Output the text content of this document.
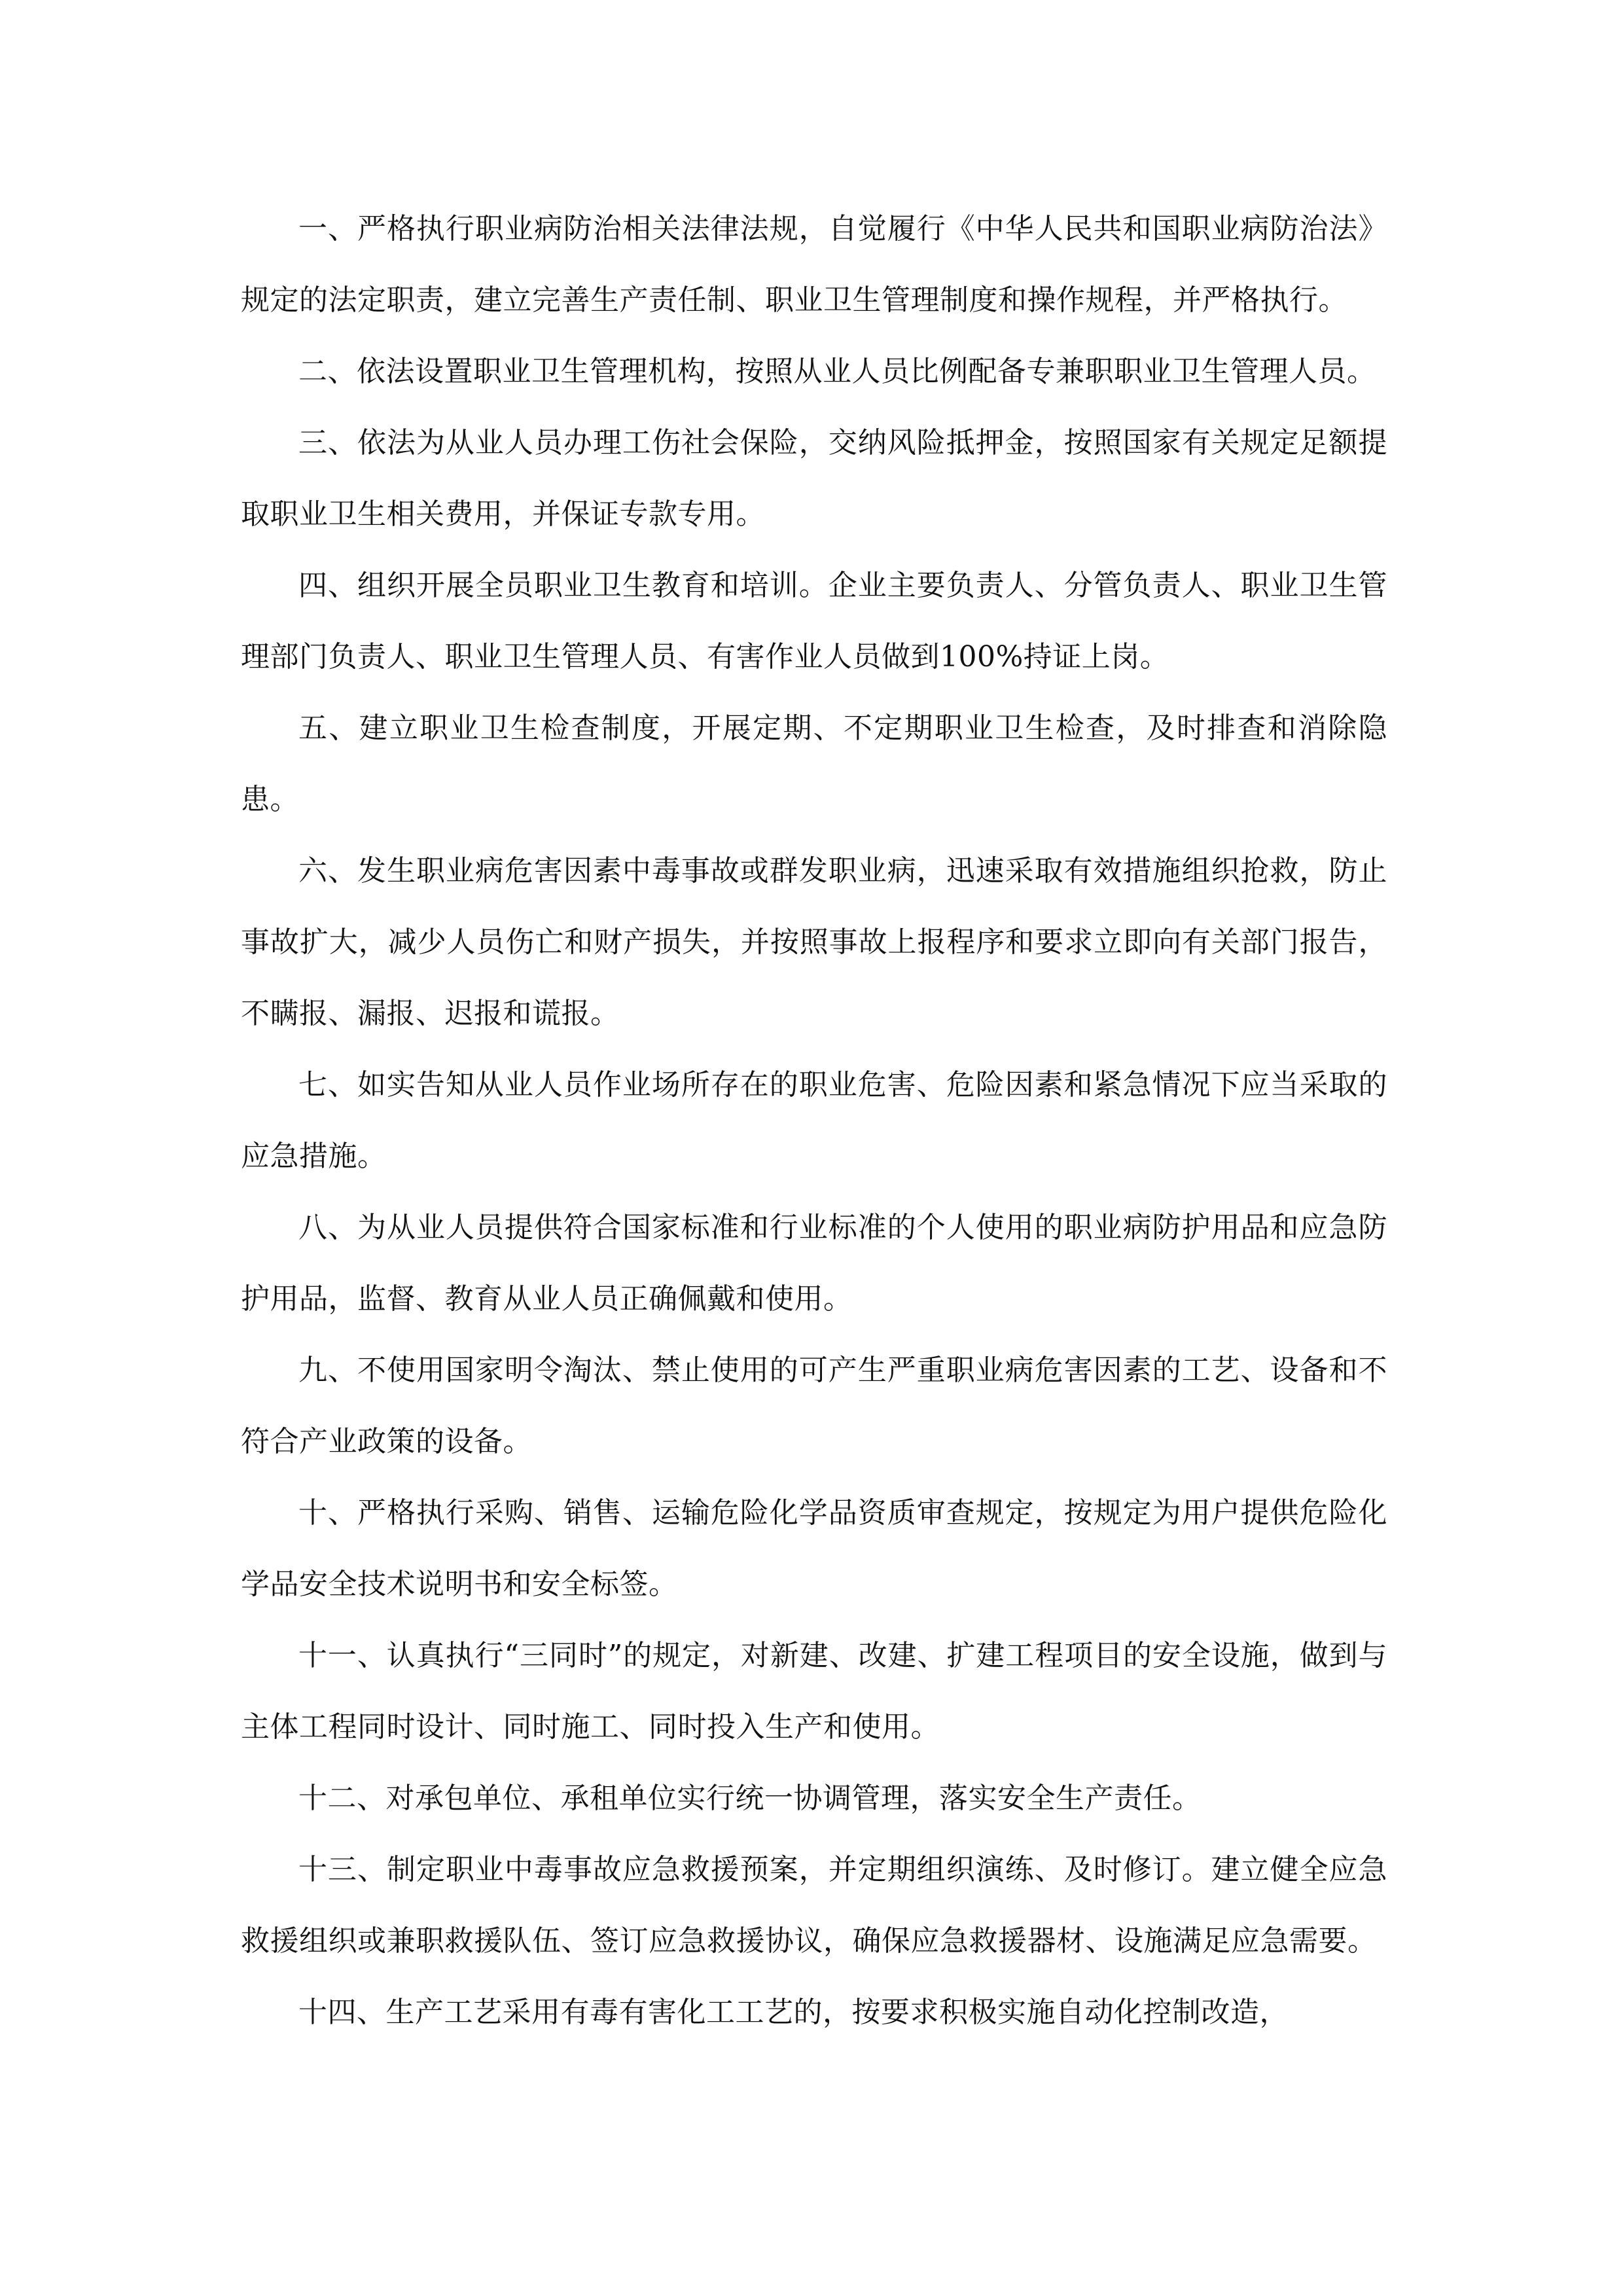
一、严格执行职业病防治相关法律法规，自觉履行《中华人民共和国职业病防治法》规定的法定职责，建立完善生产责任制、职业卫生管理制度和操作规程，并严格执行。

二、依法设置职业卫生管理机构，按照从业人员比例配备专兼职职业卫生管理人员。

三、依法为从业人员办理工伤社会保险，交纳风险抵押金，按照国家有关规定足额提取职业卫生相关费用，并保证专款专用。

四、组织开展全员职业卫生教育和培训。企业主要负责人、分管负责人、职业卫生管理部门负责人、职业卫生管理人员、有害作业人员做到100%持证上岗。

五、建立职业卫生检查制度，开展定期、不定期职业卫生检查，及时排查和消除隐患。

六、发生职业病危害因素中毒事故或群发职业病，迅速采取有效措施组织抢救，防止事故扩大，减少人员伤亡和财产损失，并按照事故上报程序和要求立即向有关部门报告，不瞒报、漏报、迟报和谎报。

七、如实告知从业人员作业场所存在的职业危害、危险因素和紧急情况下应当采取的应急措施。

八、为从业人员提供符合国家标准和行业标准的个人使用的职业病防护用品和应急防护用品，监督、教育从业人员正确佩戴和使用。

九、不使用国家明令淘汰、禁止使用的可产生严重职业病危害因素的工艺、设备和不符合产业政策的设备。

十、严格执行采购、销售、运输危险化学品资质审查规定，按规定为用户提供危险化学品安全技术说明书和安全标签。

十一、认真执行“三同时”的规定，对新建、改建、扩建工程项目的安全设施，做到与主体工程同时设计、同时施工、同时投入生产和使用。

十二、对承包单位、承租单位实行统一协调管理，落实安全生产责任。

十三、制定职业中毒事故应急救援预案，并定期组织演练、及时修订。建立健全应急救援组织或兼职救援队伍、签订应急救援协议，确保应急救援器材、设施满足应急需要。

十四、生产工艺采用有毒有害化工工艺的，按要求积极实施自动化控制改造，
